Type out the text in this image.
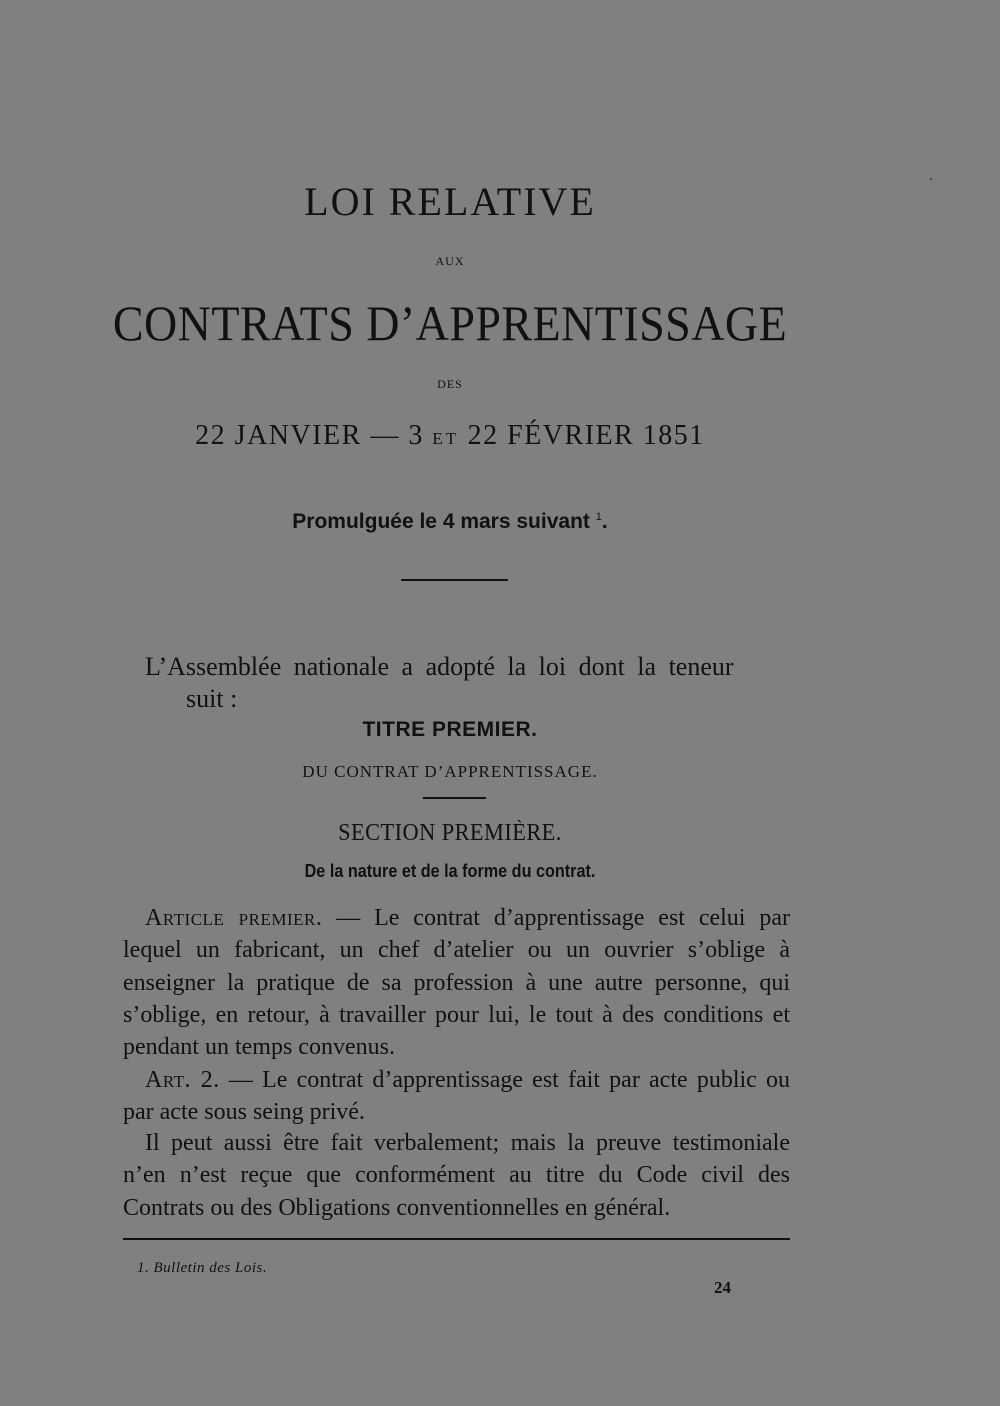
LOI RELATIVE
AUX
CONTRATS D’APPRENTISSAGE
DES
22 JANVIER — 3 ET 22 FÉVRIER 1851
Promulguée le 4 mars suivant $^1$.
L’Assemblée nationale a adopté la loi dont la teneur
suit :
TITRE PREMIER.
DU CONTRAT D’APPRENTISSAGE.
SECTION PREMIÈRE.
De la nature et de la forme du contrat.
Article premier. — Le contrat d’apprentissage est celui par lequel un fabricant, un chef d’atelier ou un ouvrier s’oblige à enseigner la pratique de sa profession à une autre personne, qui s’oblige, en retour, à travailler pour lui, le tout à des conditions et pendant un temps convenus.
Art. 2. — Le contrat d’apprentissage est fait par acte public ou par acte sous seing privé.
Il peut aussi être fait verbalement; mais la preuve testimoniale n’en n’est reçue que conformément au titre du Code civil des Contrats ou des Obligations conventionnelles en général.
1. Bulletin des Lois.
24
